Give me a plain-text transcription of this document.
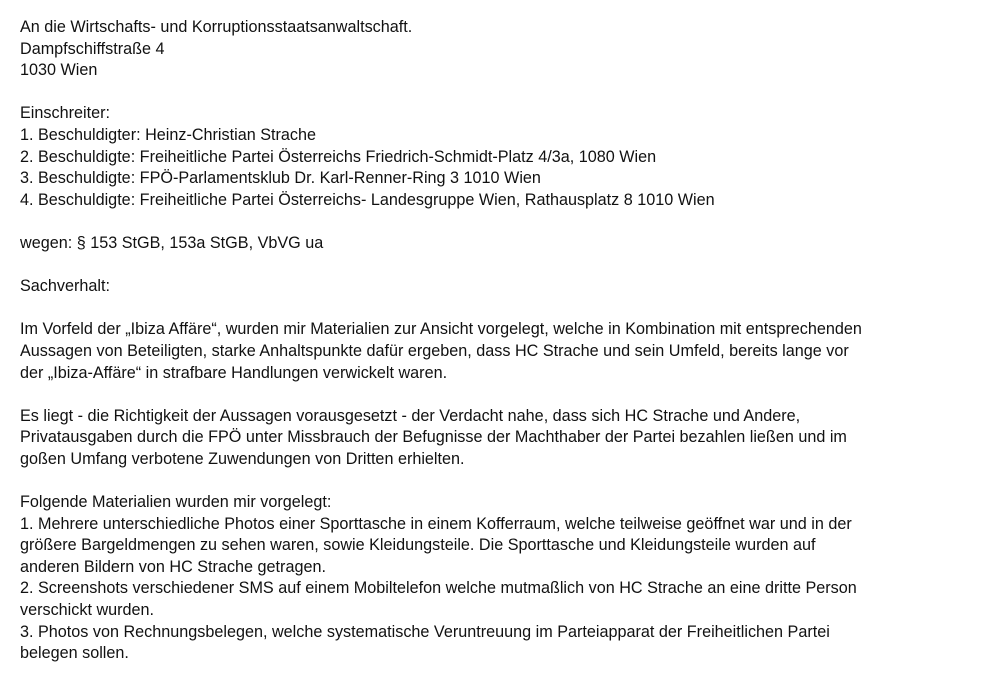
An die Wirtschafts- und Korruptionsstaatsanwaltschaft.
Dampfschiffstraße 4
1030 Wien
Einschreiter:
1. Beschuldigter: Heinz-Christian Strache
2. Beschuldigte: Freiheitliche Partei Österreichs Friedrich-Schmidt-Platz 4/3a, 1080 Wien
3. Beschuldigte: FPÖ-Parlamentsklub Dr. Karl-Renner-Ring 3 1010 Wien
4. Beschuldigte: Freiheitliche Partei Österreichs- Landesgruppe Wien, Rathausplatz 8 1010 Wien
wegen: § 153 StGB, 153a StGB, VbVG ua
Sachverhalt:
Im Vorfeld der „Ibiza Affäre“, wurden mir Materialien zur Ansicht vorgelegt, welche in Kombination mit entsprechenden
Aussagen von Beteiligten, starke Anhaltspunkte dafür ergeben, dass HC Strache und sein Umfeld, bereits lange vor
der „Ibiza-Affäre“ in strafbare Handlungen verwickelt waren.
Es liegt - die Richtigkeit der Aussagen vorausgesetzt - der Verdacht nahe, dass sich HC Strache und Andere,
Privatausgaben durch die FPÖ unter Missbrauch der Befugnisse der Machthaber der Partei bezahlen ließen und im
goßen Umfang verbotene Zuwendungen von Dritten erhielten.
Folgende Materialien wurden mir vorgelegt:
1. Mehrere unterschiedliche Photos einer Sporttasche in einem Kofferraum, welche teilweise geöffnet war und in der
größere Bargeldmengen zu sehen waren, sowie Kleidungsteile. Die Sporttasche und Kleidungsteile wurden auf
anderen Bildern von HC Strache getragen.
2. Screenshots verschiedener SMS auf einem Mobiltelefon welche mutmaßlich von HC Strache an eine dritte Person
verschickt wurden.
3. Photos von Rechnungsbelegen, welche systematische Veruntreuung im Parteiapparat der Freiheitlichen Partei
belegen sollen.
